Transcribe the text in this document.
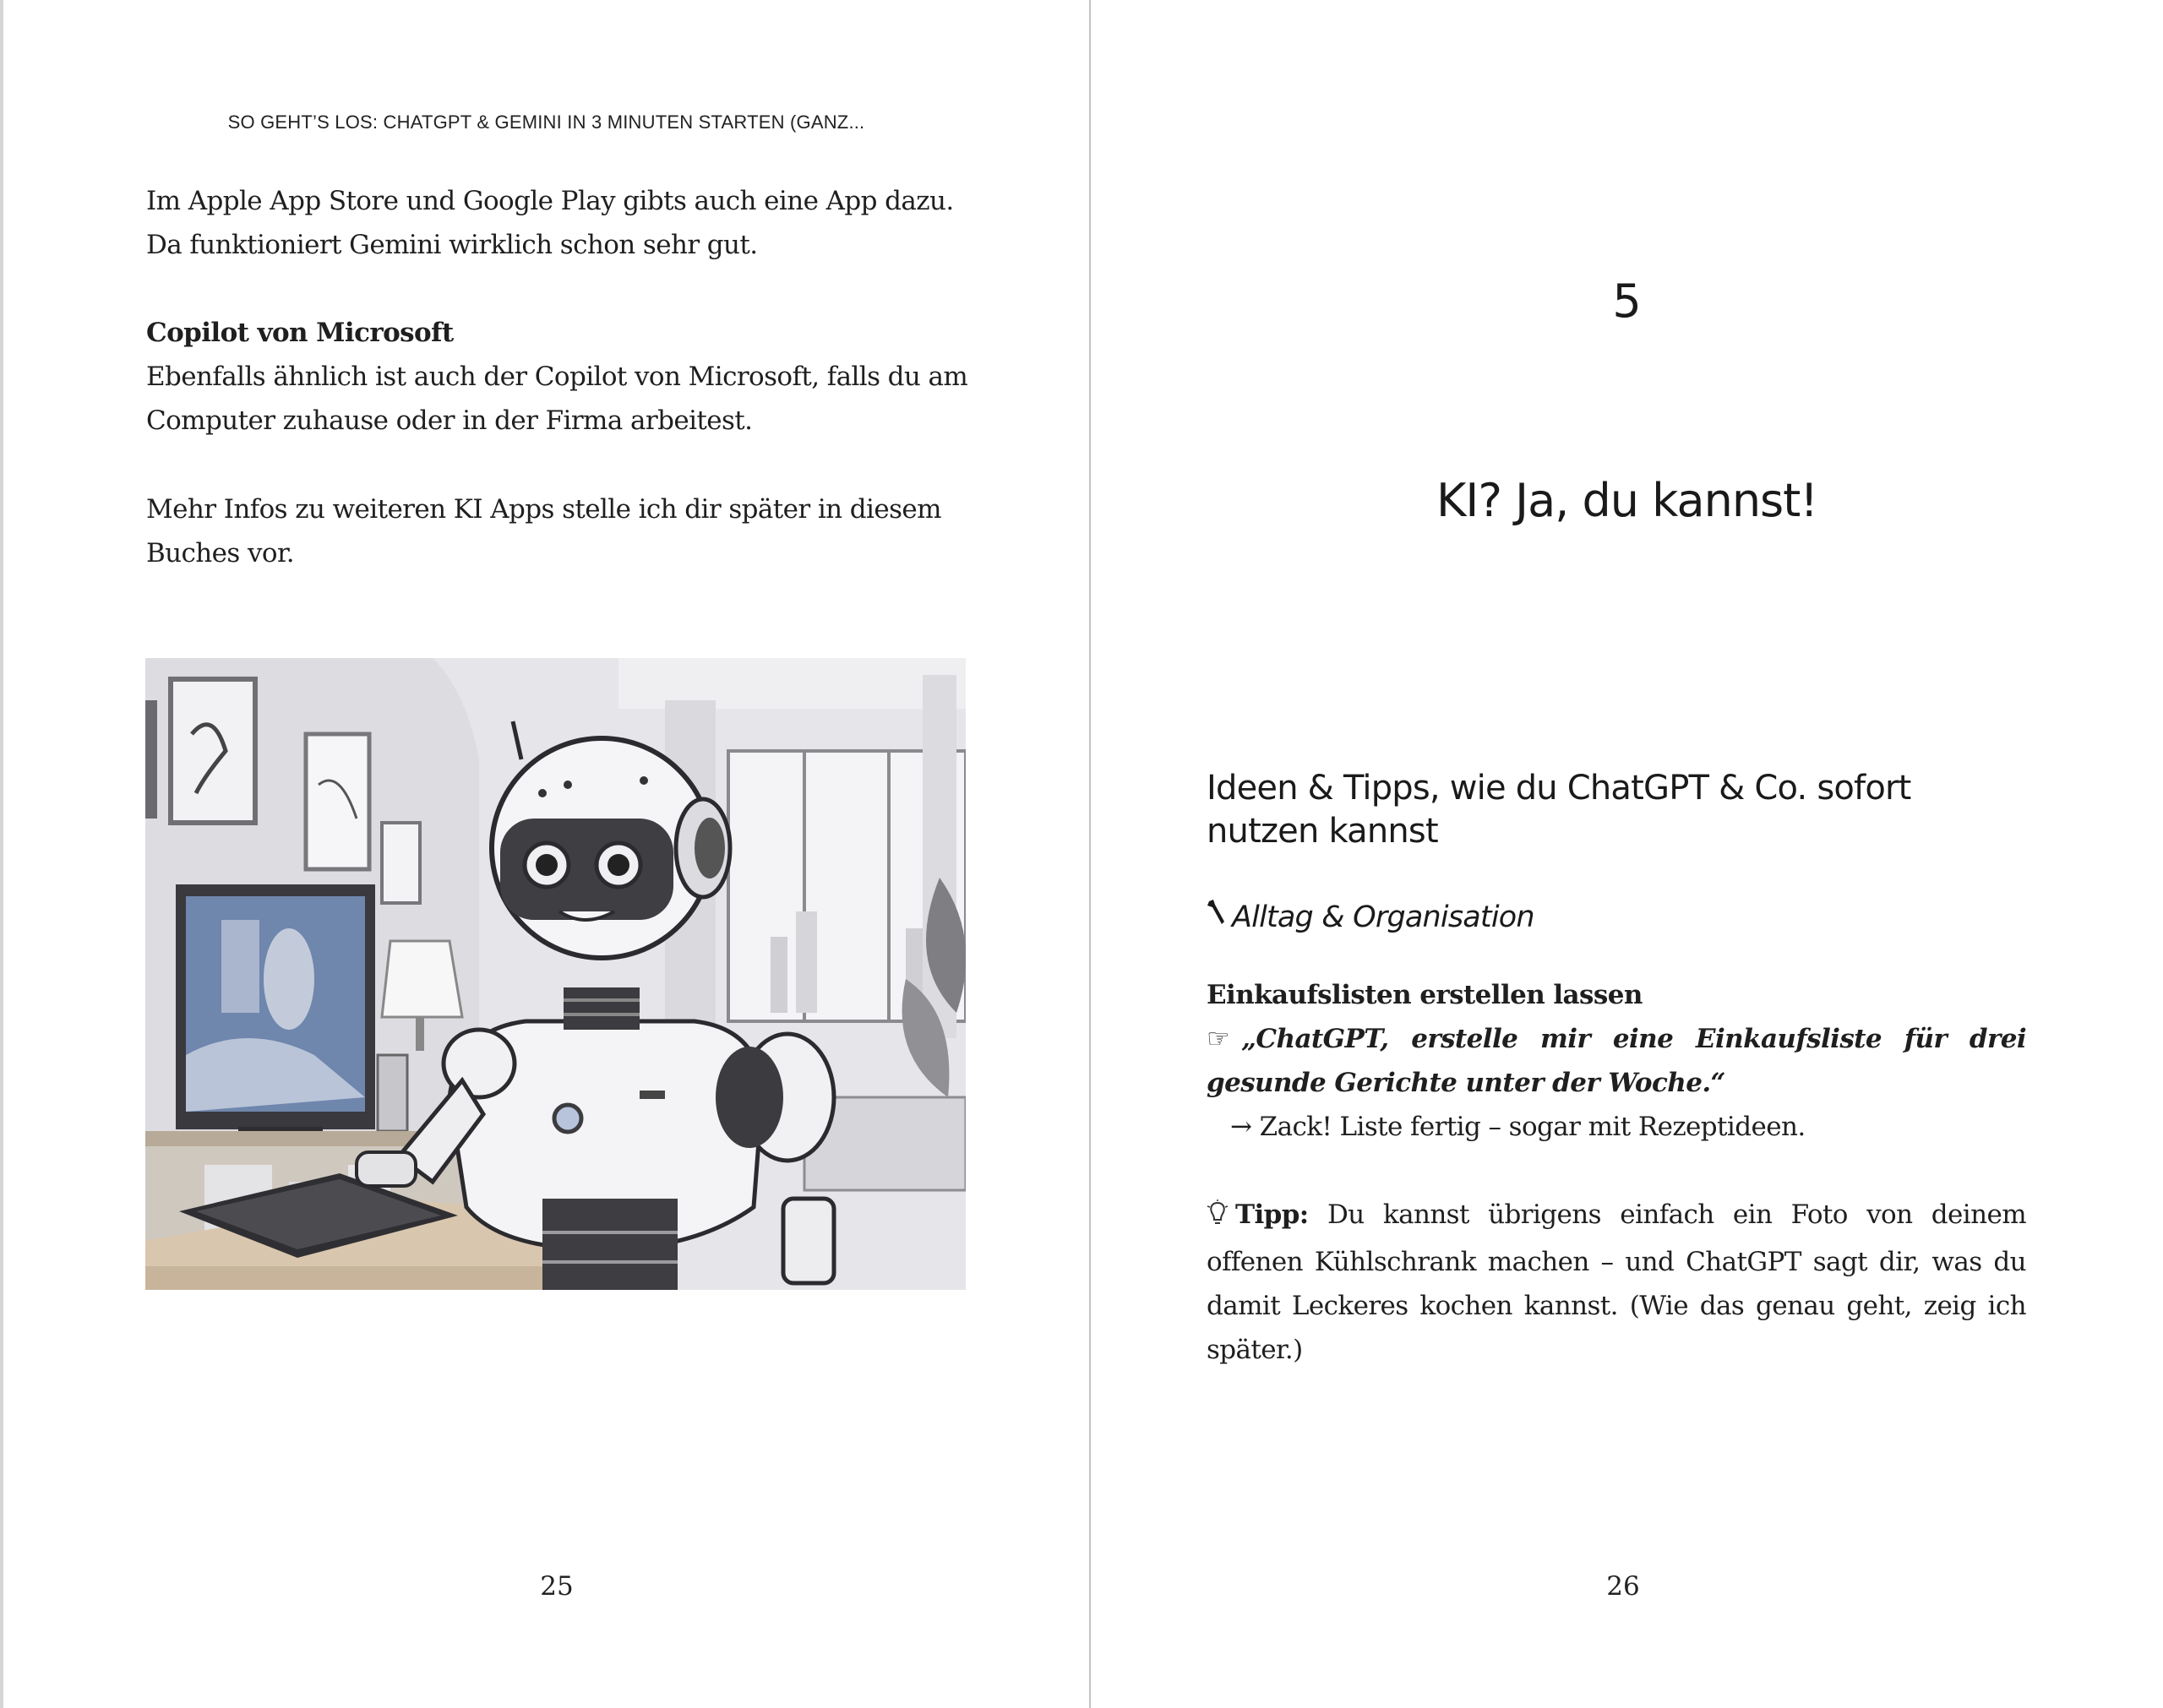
SO GEHT’S LOS: CHATGPT & GEMINI IN 3 MINUTEN STARTEN (GANZ...

Im Apple App Store und Google Play gibts auch eine App dazu. Da funktioniert Gemini wirklich schon sehr gut.

Copilot von Microsoft
Ebenfalls ähnlich ist auch der Copilot von Microsoft, falls du am Computer zuhause oder in der Firma arbeitest.

Mehr Infos zu weiteren KI Apps stelle ich dir später in diesem Buches vor.

25
5
KI? Ja, du kannst!
Ideen & Tipps, wie du ChatGPT & Co. sofort nutzen kannst
Alltag & Organisation
Einkaufslisten erstellen lassen
☞ „ChatGPT, erstelle mir eine Einkaufsliste für drei gesunde Gerichte unter der Woche.“
→ Zack! Liste fertig – sogar mit Rezeptideen.
Tipp: Du kannst übrigens einfach ein Foto von deinem offenen Kühlschrank machen – und ChatGPT sagt dir, was du damit Leckeres kochen kannst. (Wie das genau geht, zeig ich später.)
26
